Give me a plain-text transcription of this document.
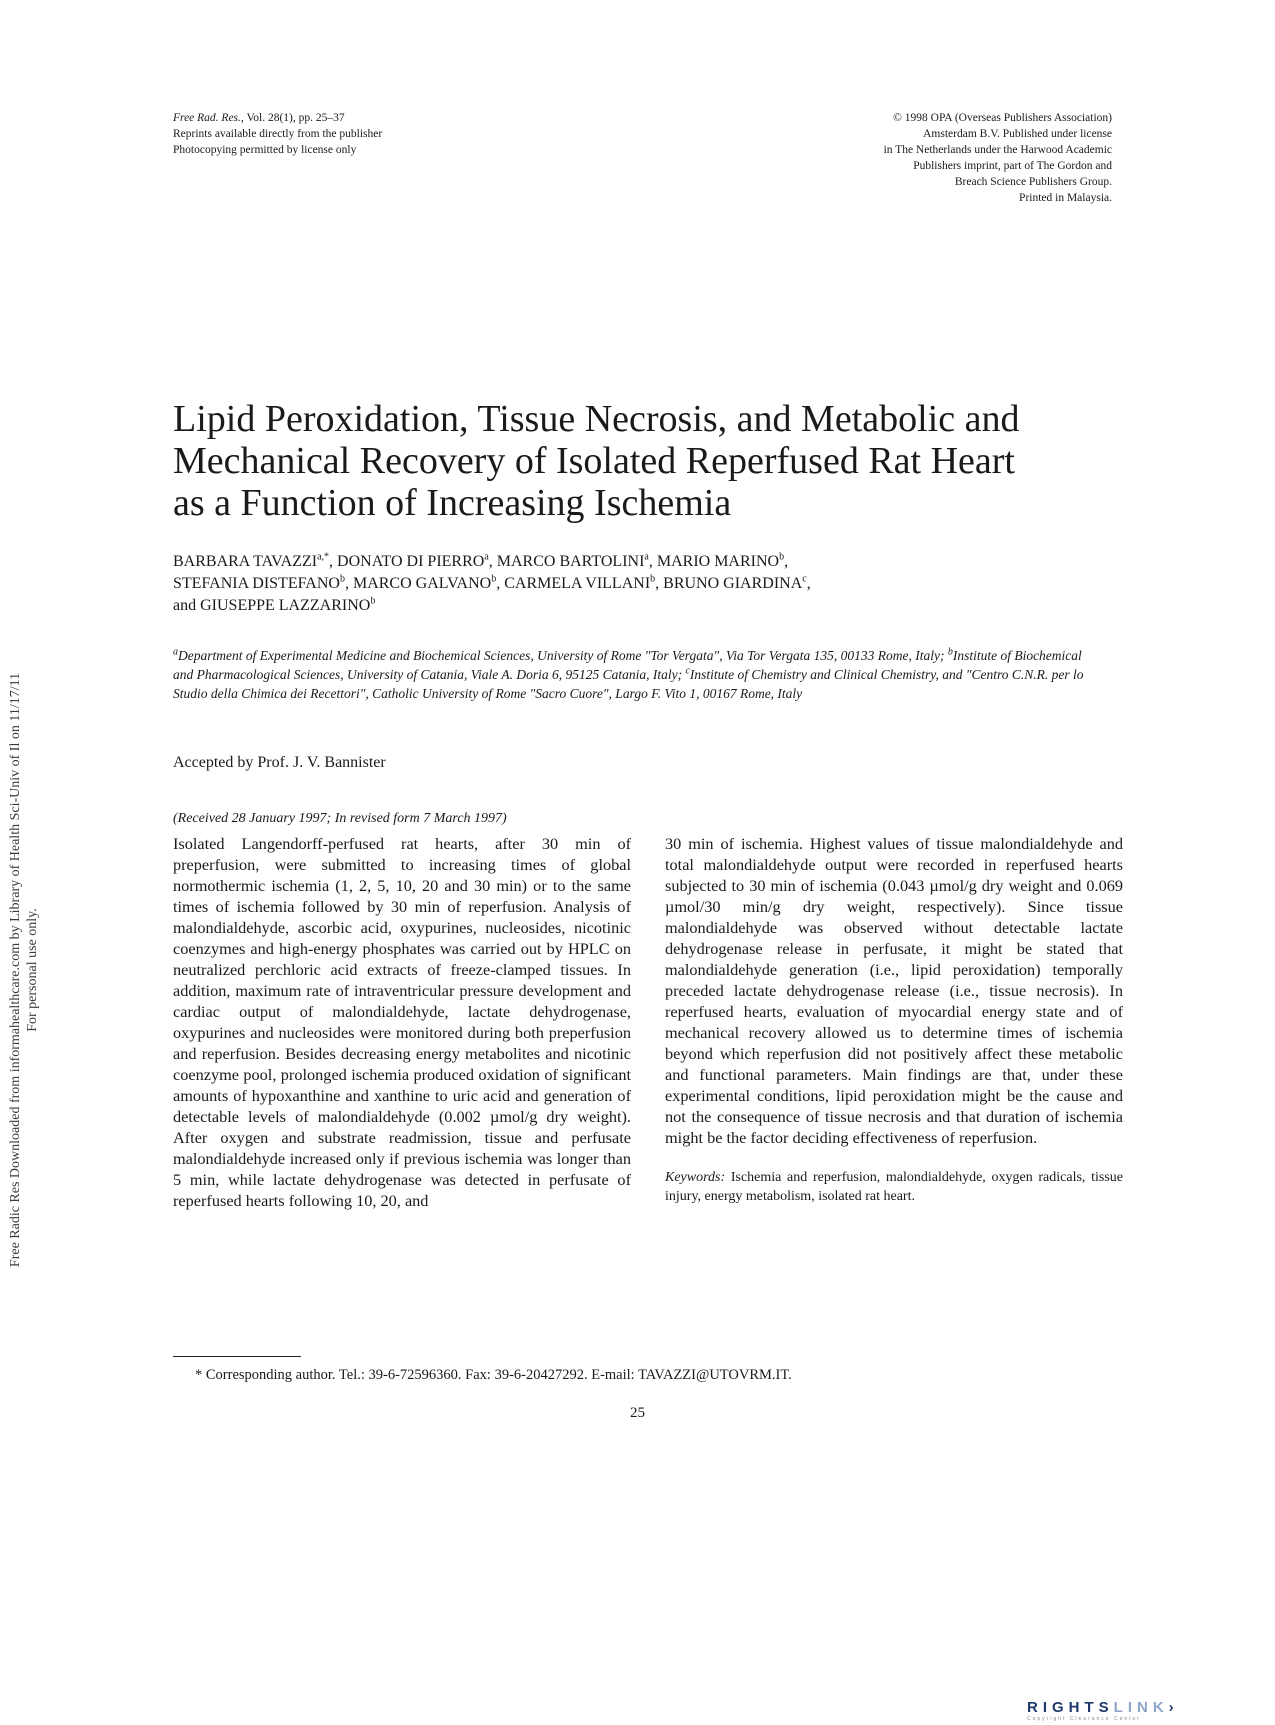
Free Rad. Res., Vol. 28(1), pp. 25–37
Reprints available directly from the publisher
Photocopying permitted by license only
© 1998 OPA (Overseas Publishers Association)
Amsterdam B.V. Published under license
in The Netherlands under the Harwood Academic
Publishers imprint, part of The Gordon and
Breach Science Publishers Group.
Printed in Malaysia.
Free Radic Res Downloaded from informahealthcare.com by Library of Health Sci-Univ of Il on 11/17/11 For personal use only.
Lipid Peroxidation, Tissue Necrosis, and Metabolic and
Mechanical Recovery of Isolated Reperfused Rat Heart
as a Function of Increasing Ischemia
BARBARA $TAVAZZI^{a,*}$, DONATO DI PIERRO$^a$, MARCO BARTOLINI$^a$, MARIO MARINO$^b$,
STEFANIA DISTEFANO$^b$, MARCO GALVANO$^b$, CARMELA VILLANI$^b$, BRUNO GIARDINA$^c$,
and GIUSEPPE LAZZARINO$^b$
$^a$Department of Experimental Medicine and Biochemical Sciences, University of Rome "Tor Vergata", Via Tor Vergata 135, 00133 Rome, Italy; $^b$Institute of Biochemical and Pharmacological Sciences, University of Catania, Viale A. Doria 6, 95125 Catania, Italy; $^c$Institute of Chemistry and Clinical Chemistry, and "Centro C.N.R. per lo Studio della Chimica dei Recettori", Catholic University of Rome "Sacro Cuore", Largo F. Vito 1, 00167 Rome, Italy
Accepted by Prof. J. V. Bannister
(Received 28 January 1997; In revised form 7 March 1997)
Isolated Langendorff-perfused rat hearts, after 30 min of preperfusion, were submitted to increasing times of global normothermic ischemia (1, 2, 5, 10, 20 and 30 min) or to the same times of ischemia followed by 30 min of reperfusion. Analysis of malondialdehyde, ascorbic acid, oxypurines, nucleosides, nicotinic coenzymes and high-energy phosphates was carried out by HPLC on neutralized perchloric acid extracts of freeze-clamped tissues. In addition, maximum rate of intraventricular pressure development and cardiac output of malondialdehyde, lactate dehydrogenase, oxypurines and nucleosides were monitored during both preperfusion and reperfusion. Besides decreasing energy metabolites and nicotinic coenzyme pool, prolonged ischemia produced oxidation of significant amounts of hypoxanthine and xanthine to uric acid and generation of detectable levels of malondialdehyde (0.002 µmol/g dry weight). After oxygen and substrate readmission, tissue and perfusate malondialdehyde increased only if previous ischemia was longer than 5 min, while lactate dehydrogenase was detected in perfusate of reperfused hearts following 10, 20, and
30 min of ischemia. Highest values of tissue malondialdehyde and total malondialdehyde output were recorded in reperfused hearts subjected to 30 min of ischemia (0.043 µmol/g dry weight and 0.069 µmol/30 min/g dry weight, respectively). Since tissue malondialdehyde was observed without detectable lactate dehydrogenase release in perfusate, it might be stated that malondialdehyde generation (i.e., lipid peroxidation) temporally preceded lactate dehydrogenase release (i.e., tissue necrosis). In reperfused hearts, evaluation of myocardial energy state and of mechanical recovery allowed us to determine times of ischemia beyond which reperfusion did not positively affect these metabolic and functional parameters. Main findings are that, under these experimental conditions, lipid peroxidation might be the cause and not the consequence of tissue necrosis and that duration of ischemia might be the factor deciding effectiveness of reperfusion.
Keywords: Ischemia and reperfusion, malondialdehyde, oxygen radicals, tissue injury, energy metabolism, isolated rat heart.
* Corresponding author. Tel.: 39-6-72596360. Fax: 39-6-20427292. E-mail: TAVAZZI@UTOVRM.IT.
25
RIGHTSLINK›
Copyright Clearance Center
